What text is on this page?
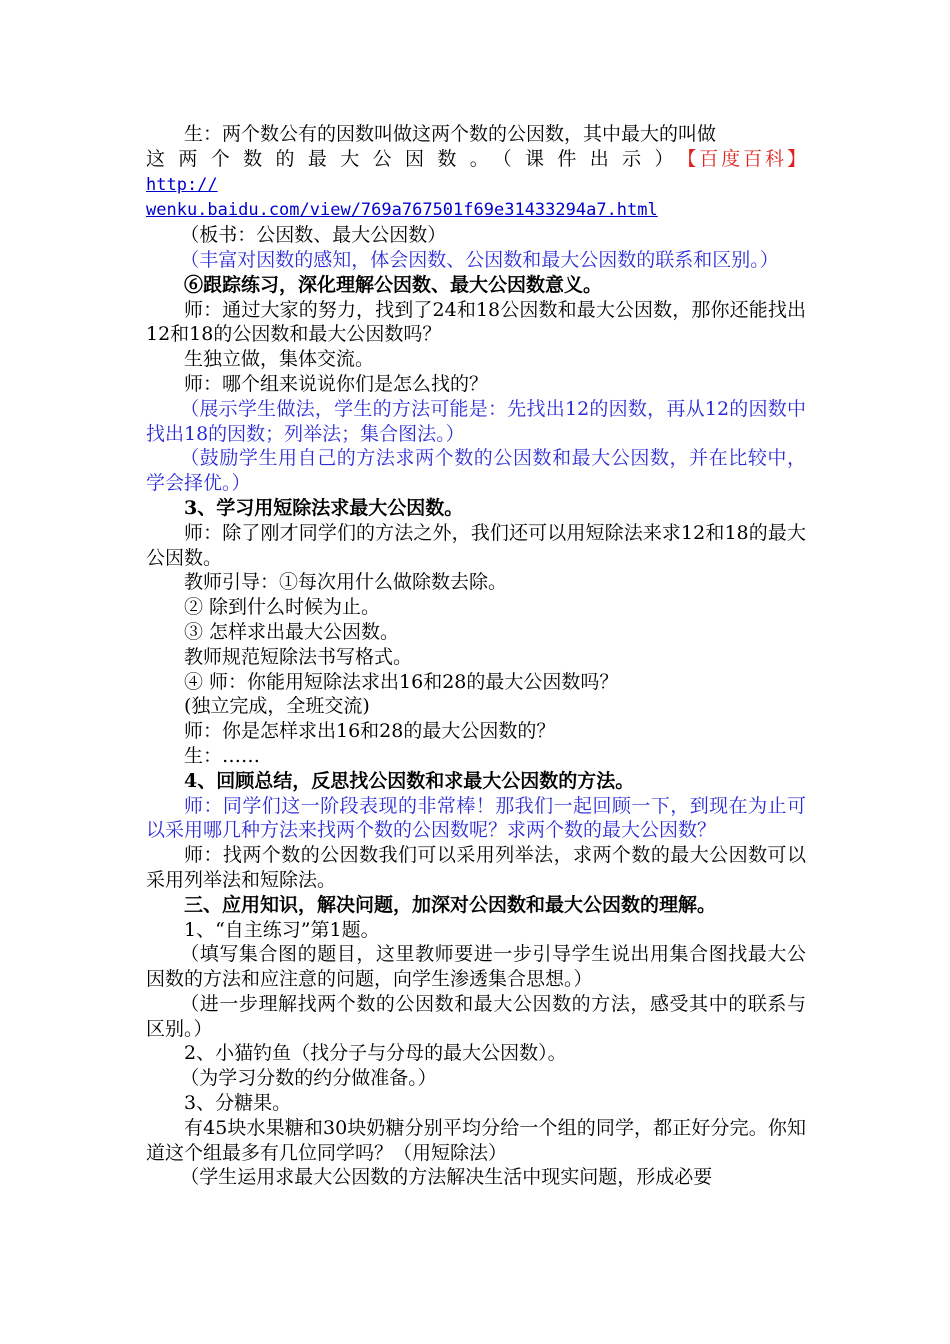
生：两个数公有的因数叫做这两个数的公因数，其中最大的叫做
这两个数的最大公因数。（课件出示）【百度百科】http://
wenku.baidu.com/view/769a767501f69e31433294a7.html

（板书：公因数、最大公因数）

（丰富对因数的感知，体会因数、公因数和最大公因数的联系和区别。）

⑥跟踪练习，深化理解公因数、最大公因数意义。

师：通过大家的努力，找到了24和18公因数和最大公因数，那你还能找出12和18的公因数和最大公因数吗？

生独立做，集体交流。

师：哪个组来说说你们是怎么找的？

（展示学生做法，学生的方法可能是：先找出12的因数，再从12的因数中找出18的因数；列举法；集合图法。）

（鼓励学生用自己的方法求两个数的公因数和最大公因数，并在比较中，学会择优。）

3、学习用短除法求最大公因数。

师：除了刚才同学们的方法之外，我们还可以用短除法来求12和18的最大公因数。

教师引导：①每次用什么做除数去除。

② 除到什么时候为止。

③ 怎样求出最大公因数。

教师规范短除法书写格式。

④ 师：你能用短除法求出16和28的最大公因数吗？

(独立完成，全班交流)

师：你是怎样求出16和28的最大公因数的？

生：……

4、回顾总结，反思找公因数和求最大公因数的方法。

师：同学们这一阶段表现的非常棒！那我们一起回顾一下，到现在为止可以采用哪几种方法来找两个数的公因数呢？求两个数的最大公因数？

师：找两个数的公因数我们可以采用列举法，求两个数的最大公因数可以采用列举法和短除法。

三、应用知识，解决问题，加深对公因数和最大公因数的理解。

1、“自主练习”第1题。

（填写集合图的题目，这里教师要进一步引导学生说出用集合图找最大公因数的方法和应注意的问题，向学生渗透集合思想。）

（进一步理解找两个数的公因数和最大公因数的方法，感受其中的联系与区别。）

2、小猫钓鱼（找分子与分母的最大公因数）。

（为学习分数的约分做准备。）

3、分糖果。

有45块水果糖和30块奶糖分别平均分给一个组的同学，都正好分完。你知道这个组最多有几位同学吗？（用短除法）

（学生运用求最大公因数的方法解决生活中现实问题，形成必要
